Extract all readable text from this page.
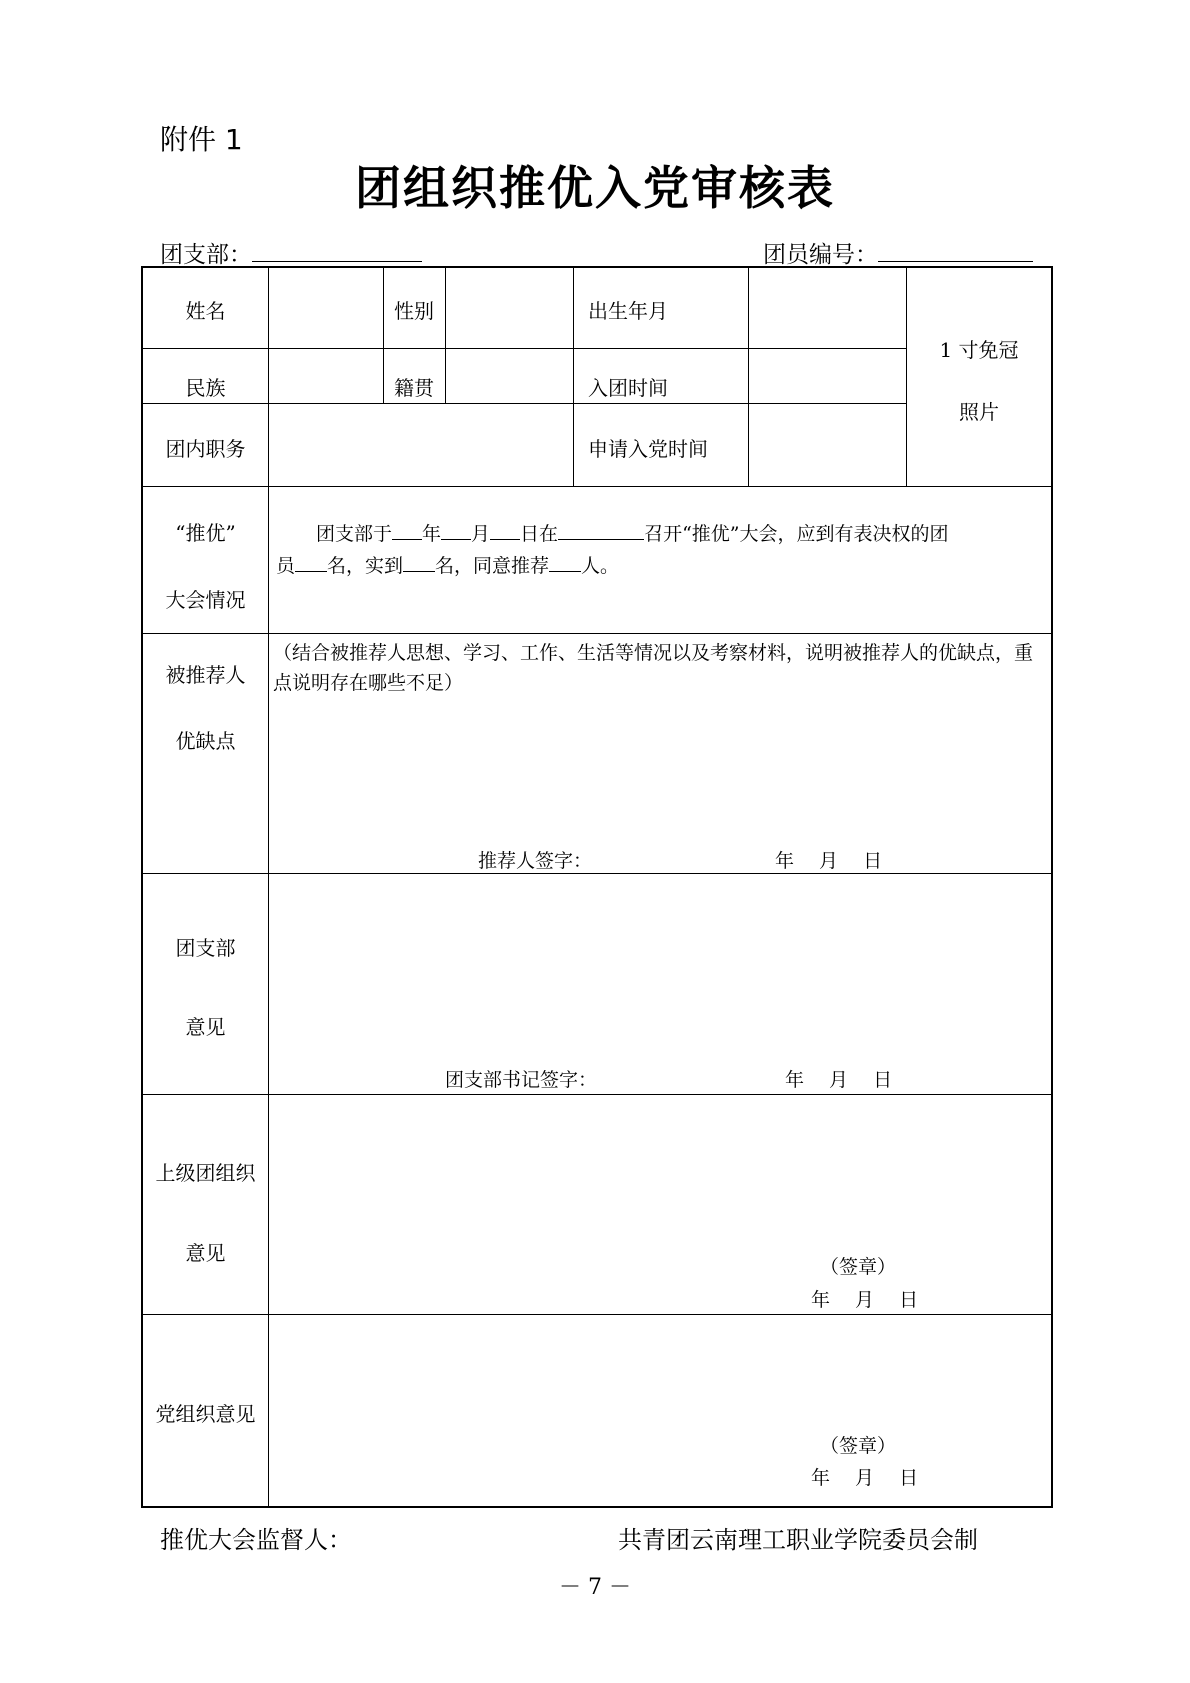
附件 1
团组织推优入党审核表
团支部：	团员编号：
姓名	性别	出生年月
民族	籍贯	入团时间
团内职务	申请入党时间
1 寸免冠
照片
“推优”
大会情况
团支部于 年 月 日在	召开“推优”大会，应到有表决权的团
员 名，实到 名，同意推荐 人。
被推荐人
优缺点
（结合被推荐人思想、学习、工作、生活等情况以及考察材料，说明被推荐人的优缺点，重点说明存在哪些不足）
推荐人签字：	年　 月　 日
团支部
意见
团支部书记签字：	年　 月　 日
上级团组织
意见
（签章）
年　 月　 日
党组织意见
（签章）
年　 月　 日
推优大会监督人：	共青团云南理工职业学院委员会制
－ 7 －
